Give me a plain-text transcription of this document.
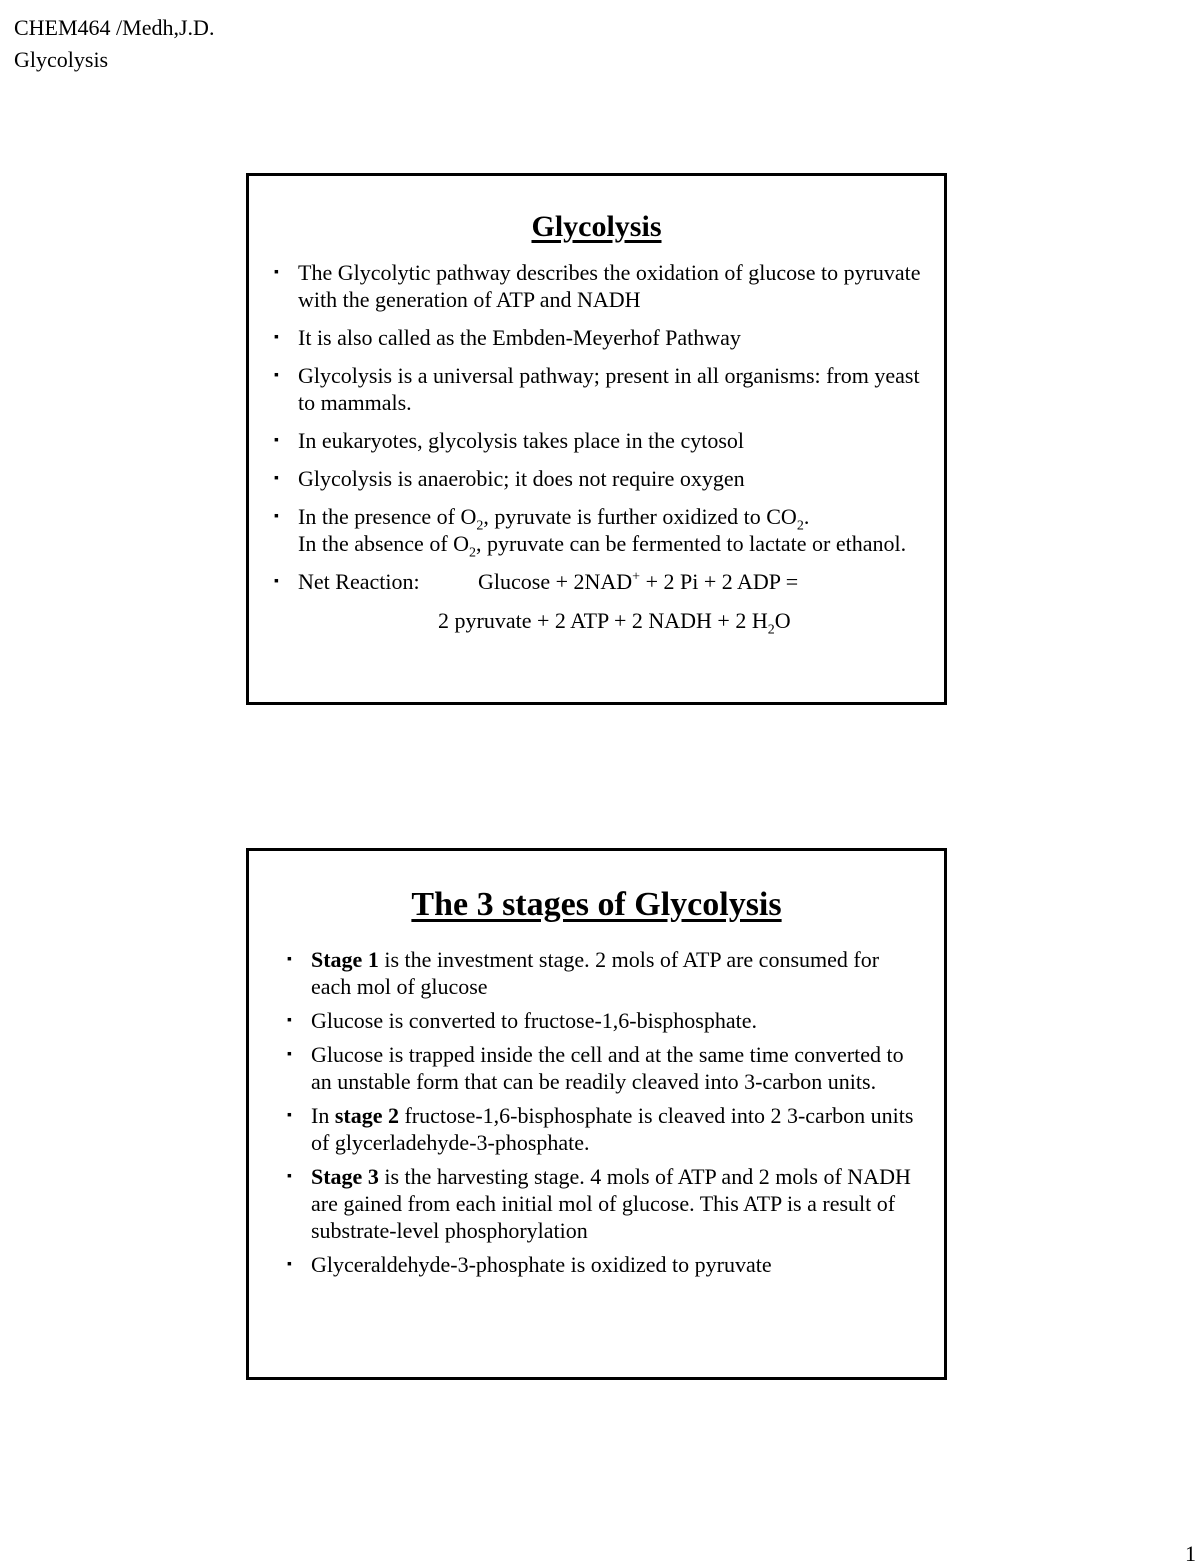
CHEM464 /Medh,J.D.
Glycolysis
Glycolysis
▪ The Glycolytic pathway describes the oxidation of glucose to pyruvate with the generation of ATP and NADH
▪ It is also called as the Embden-Meyerhof Pathway
▪ Glycolysis is a universal pathway; present in all organisms: from yeast to mammals.
▪ In eukaryotes, glycolysis takes place in the cytosol
▪ Glycolysis is anaerobic; it does not require oxygen
▪ In the presence of $O_2$, pyruvate is further oxidized to $CO_2$.
In the absence of $O_2$, pyruvate can be fermented to lactate or ethanol.
▪ Net Reaction:	Glucose + 2NAD+ + 2 Pi + 2 ADP =
2 pyruvate + 2 ATP + 2 NADH + 2 $H_2O$
The 3 stages of Glycolysis
▪ Stage 1 is the investment stage. 2 mols of ATP are consumed for each mol of glucose
▪ Glucose is converted to fructose-1,6-bisphosphate.
▪ Glucose is trapped inside the cell and at the same time converted to an unstable form that can be readily cleaved into 3-carbon units.
▪ In stage 2 fructose-1,6-bisphosphate is cleaved into 2 3-carbon units of glycerladehyde-3-phosphate.
▪ Stage 3 is the harvesting stage. 4 mols of ATP and 2 mols of NADH are gained from each initial mol of glucose. This ATP is a result of substrate-level phosphorylation
▪ Glyceraldehyde-3-phosphate is oxidized to pyruvate
1
